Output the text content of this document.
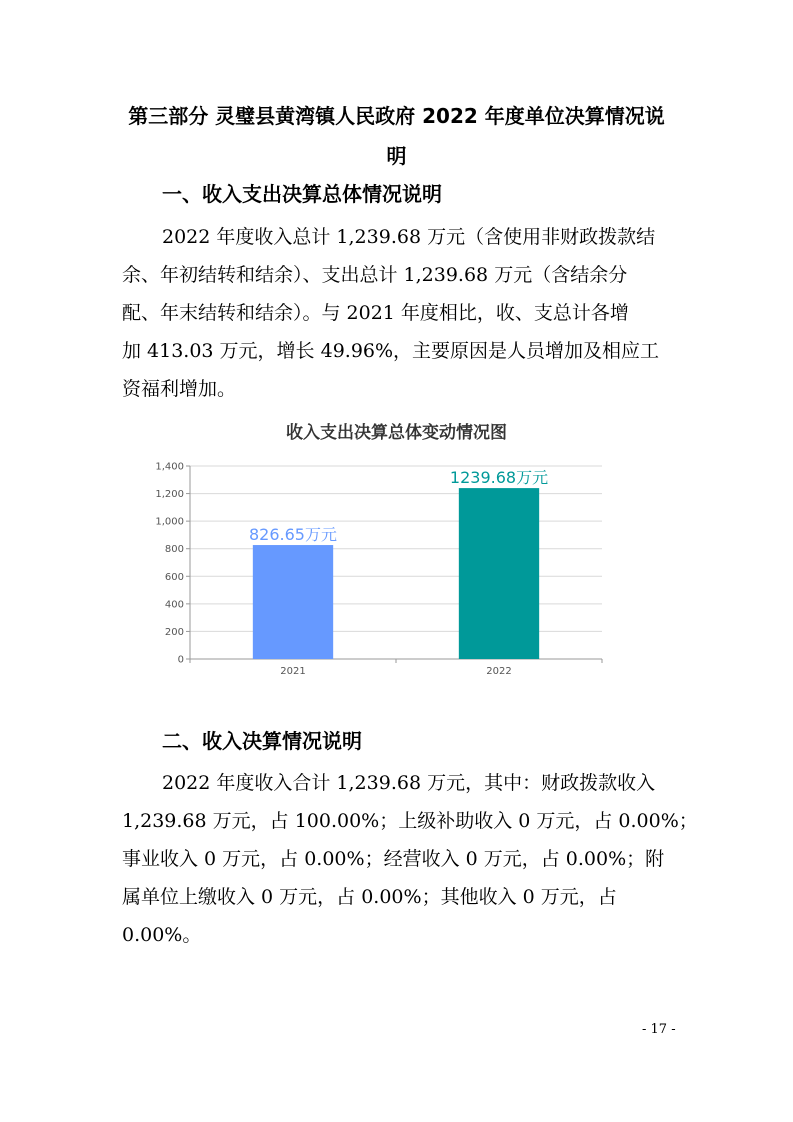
第三部分 灵璧县黄湾镇人民政府 2022 年度单位决算情况说
明
一、收入支出决算总体情况说明
2022 年度收入总计 1,239.68 万元（含使用非财政拨款结
余、年初结转和结余）、支出总计 1,239.68 万元（含结余分
配、年末结转和结余）。与 2021 年度相比，收、支总计各增
加 413.03 万元，增长 49.96%，主要原因是人员增加及相应工
资福利增加。
收入支出决算总体变动情况图
0
200
400
600
800
1,000
1,200
1,400
826.65万元
2021
1239.68万元
2022
二、收入决算情况说明
2022 年度收入合计 1,239.68 万元，其中：财政拨款收入
1,239.68 万元，占 100.00%；上级补助收入 0 万元，占 0.00%；
事业收入 0 万元，占 0.00%；经营收入 0 万元，占 0.00%；附
属单位上缴收入 0 万元，占 0.00%；其他收入 0 万元，占
0.00%。
- 17 -
